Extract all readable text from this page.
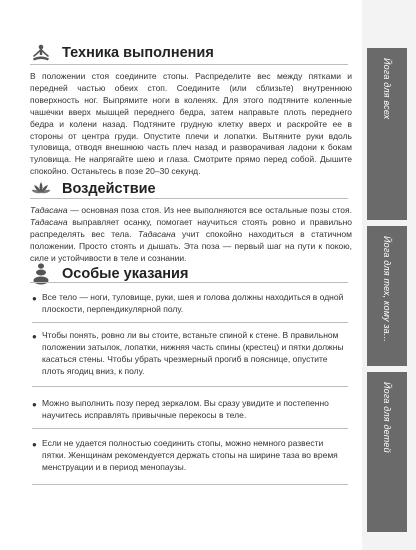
Йога для всех
Йога для тех, кому за...
Йога для детей
Техника выполнения

В положении стоя соедините стопы. Распределите вес между пятками и передней частью обеих стоп. Соедините (или сблизьте) внутреннюю поверхность ног. Выпрямите ноги в коленях. Для этого подтяните коленные чашечки вверх мышцей переднего бедра, затем направьте плоть переднего бедра и колени назад. Подтяните грудную клетку вверх и раскройте ее в стороны от центра груди. Опустите плечи и лопатки. Вытяните руки вдоль туловища, отводя внешнюю часть плеч назад и разворачивая ладони к бокам туловища. Не напрягайте шею и глаза. Смотрите прямо перед собой. Дышите спокойно. Останьтесь в позе 20–30 секунд.

Воздействие

Тадасана — основная поза стоя. Из нее выполняются все остальные позы стоя. Тадасана выправляет осанку, помогает научиться стоять ровно и правильно распределять вес тела. Тадасана учит спокойно находиться в статичном положении. Просто стоять и дышать. Эта поза — первый шаг на пути к покою, силе и устойчивости в теле и сознании.

Особые указания
● Все тело — ноги, туловище, руки, шея и голова должны находиться в одной плоскости, перпендикулярной полу.
● Чтобы понять, ровно ли вы стоите, встаньте спиной к стене. В правильном положении затылок, лопатки, нижняя часть спины (крестец) и пятки должны касаться стены. Чтобы убрать чрезмерный прогиб в пояснице, опустите плоть ягодиц вниз, к полу.
● Можно выполнить позу перед зеркалом. Вы сразу увидите и постепенно научитесь исправлять привычные перекосы в теле.
● Если не удается полностью соединить стопы, можно немного развести пятки. Женщинам рекомендуется держать стопы на ширине таза во время менструации и в период менопаузы.
